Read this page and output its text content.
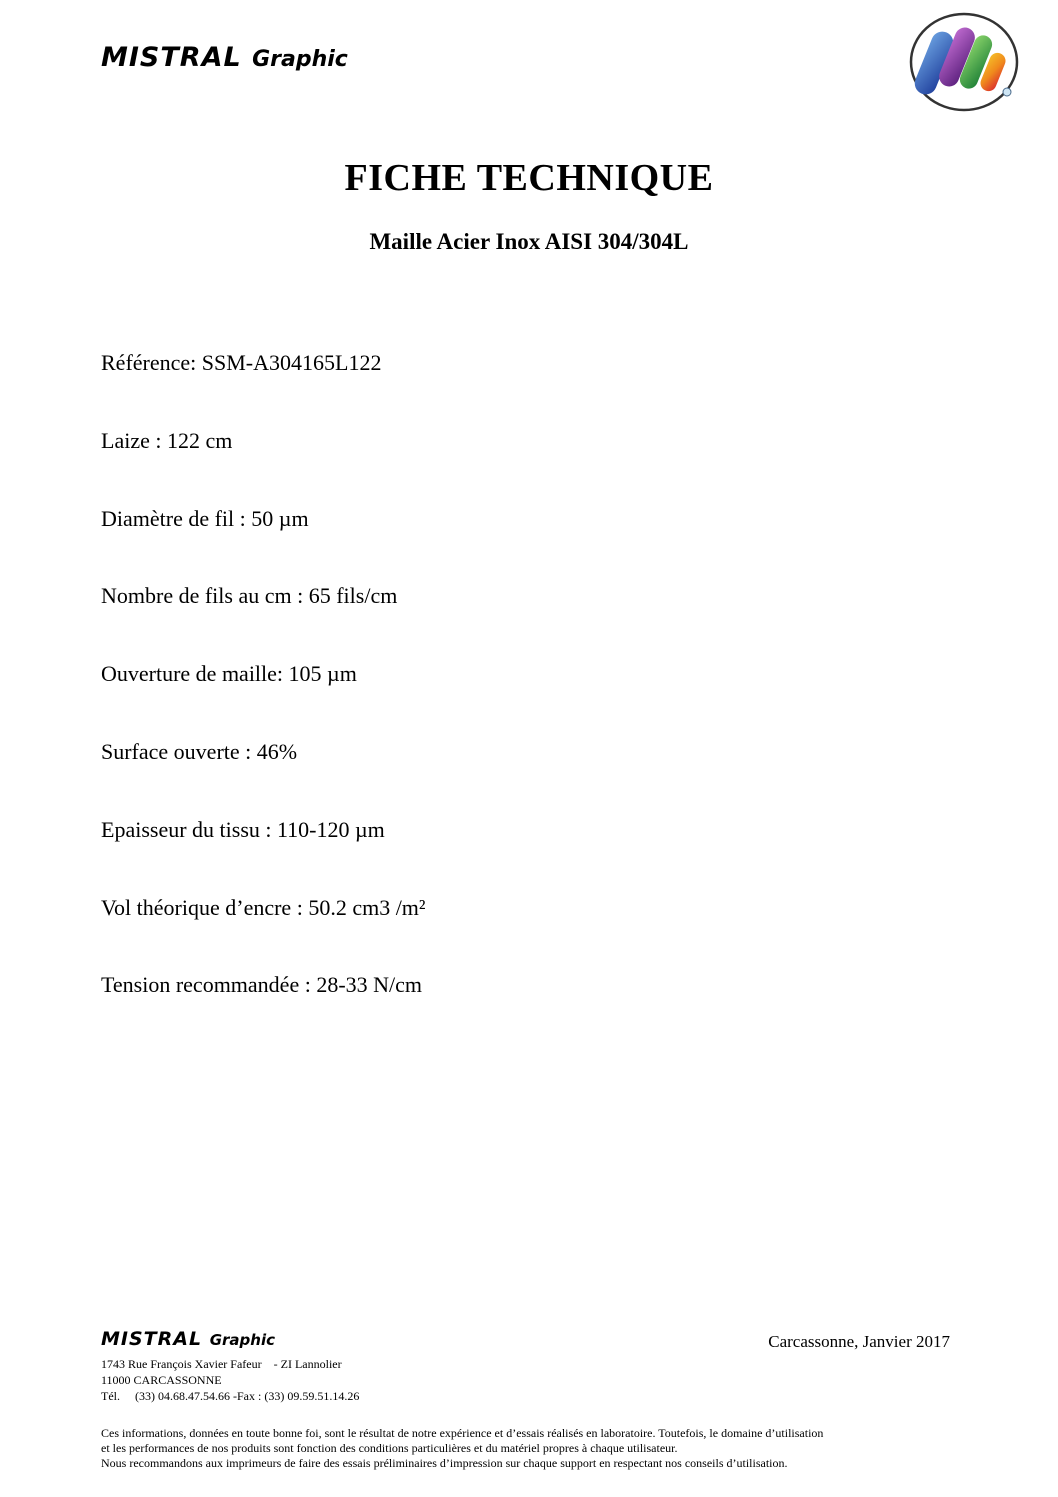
MISTRAL Graphic
FICHE TECHNIQUE
Maille Acier Inox AISI 304/304L
Référence: SSM-A304165L122
Laize : 122 cm
Diamètre de fil : 50 µm
Nombre de fils au cm : 65 fils/cm
Ouverture de maille: 105 µm
Surface ouverte : 46%
Epaisseur du tissu : 110-120 µm
Vol théorique d’encre : 50.2 cm3 /m²
Tension recommandée : 28-33 N/cm
MISTRAL Graphic	Carcassonne, Janvier 2017
1743 Rue François Xavier Fafeur - ZI Lannolier
11000 CARCASSONNE
Tél. (33) 04.68.47.54.66 -Fax : (33) 09.59.51.14.26
Ces informations, données en toute bonne foi, sont le résultat de notre expérience et d’essais réalisés en laboratoire. Toutefois, le domaine d’utilisation
et les performances de nos produits sont fonction des conditions particulières et du matériel propres à chaque utilisateur.
Nous recommandons aux imprimeurs de faire des essais préliminaires d’impression sur chaque support en respectant nos conseils d’utilisation.
